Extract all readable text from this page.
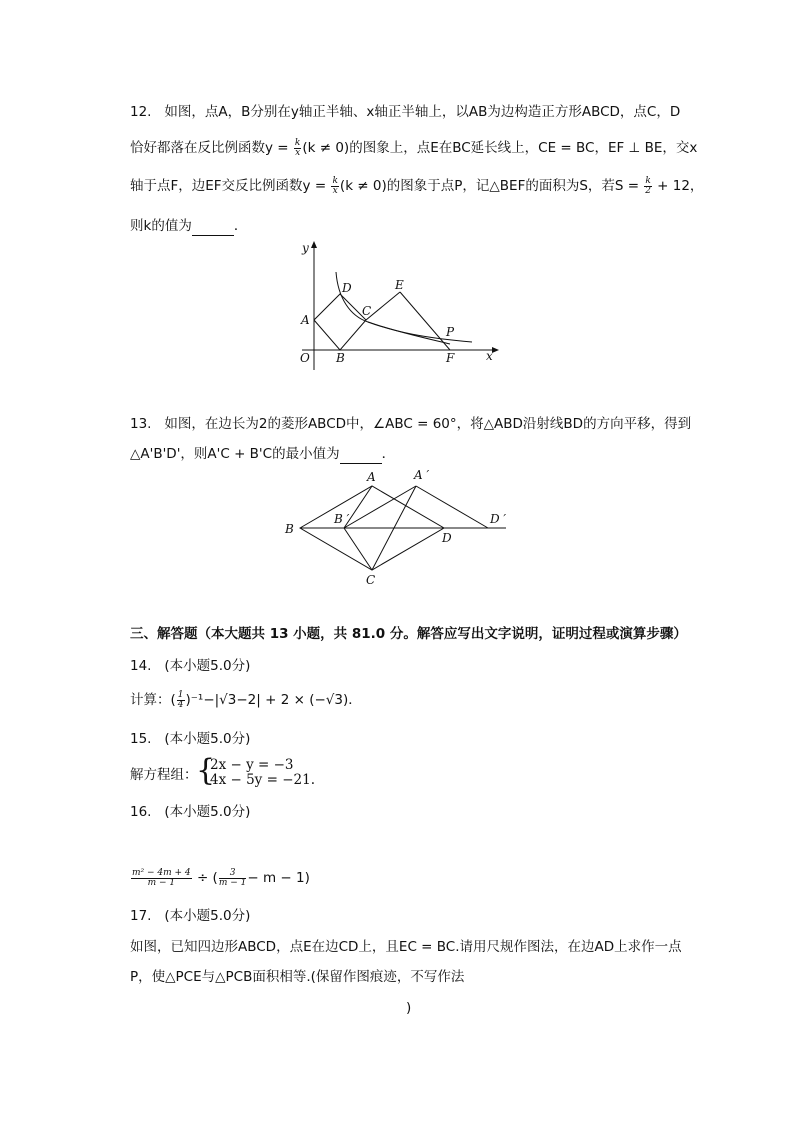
12. 如图，点A，B分别在y轴正半轴、x轴正半轴上，以AB为边构造正方形ABCD，点C，D
恰好都落在反比例函数$y = \frac{k}{x} (k \ne 0)$的图象上，点E在BC延长线上，CE = BC，EF ⊥ BE，交x
轴于点F，边EF交反比例函数$y = \frac{k}{x} (k \ne 0)$的图象于点P，记△BEF的面积为S，若$S = \frac{k}{2} + 12$，
则k的值为	．
y
x
A
O B
D
C
E
P
F
13. 如图，在边长为2的菱形ABCD中，∠ABC = 60°，将△ABD沿射线BD的方向平移，得到
△A'B'D'，则A'C + B'C的最小值为	．
A	A ′
B
B ′
D
D ′
C
三、解答题（本大题共 13 小题，共 81.0 分。解答应写出文字说明，证明过程或演算步骤）
14. (本小题5.0分)
计算：( $\frac{1}{4} )^{-1}-|√3-2| + 2 \times (-√3)$．
15. (本小题5.0分)
解方程组：
{
2x − y = −3
4x − 5y = −21.
16. (本小题5.0分)
$\frac{\text{m² − 4m + 4}}{m - 1}$ ÷ ( $\frac{3}{m - 1} - m - 1$)
17. (本小题5.0分)
如图，已知四边形ABCD，点E在边CD上，且EC = BC.请用尺规作图法，在边AD上求作一点
P，使△PCE与△PCB面积相等.(保留作图痕迹，不写作法
)
